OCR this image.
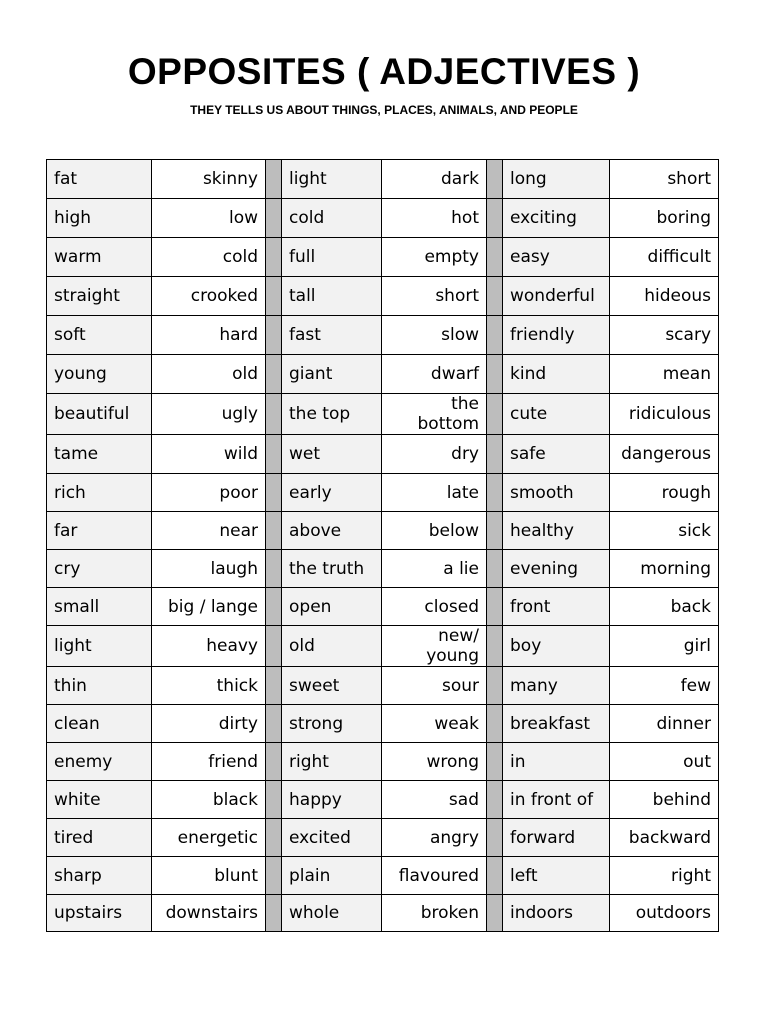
OPPOSITES ( ADJECTIVES )
THEY TELLS US ABOUT THINGS, PLACES, ANIMALS, AND PEOPLE
fat	skinny		light	dark		long	short
high	low		cold	hot		exciting	boring
warm	cold		full	empty		easy	difficult
straight	crooked		tall	short		wonderful	hideous
soft	hard		fast	slow		friendly	scary
young	old		giant	dwarf		kind	mean
beautiful	ugly		the top	the bottom		cute	ridiculous
tame	wild		wet	dry		safe	dangerous
rich	poor		early	late		smooth	rough
far	near		above	below		healthy	sick
cry	laugh		the truth	a lie		evening	morning
small	big / lange		open	closed		front	back
light	heavy		old	new/ young		boy	girl
thin	thick		sweet	sour		many	few
clean	dirty		strong	weak		breakfast	dinner
enemy	friend		right	wrong		in	out
white	black		happy	sad		in front of	behind
tired	energetic		excited	angry		forward	backward
sharp	blunt		plain	flavoured		left	right
upstairs	downstairs		whole	broken		indoors	outdoors
